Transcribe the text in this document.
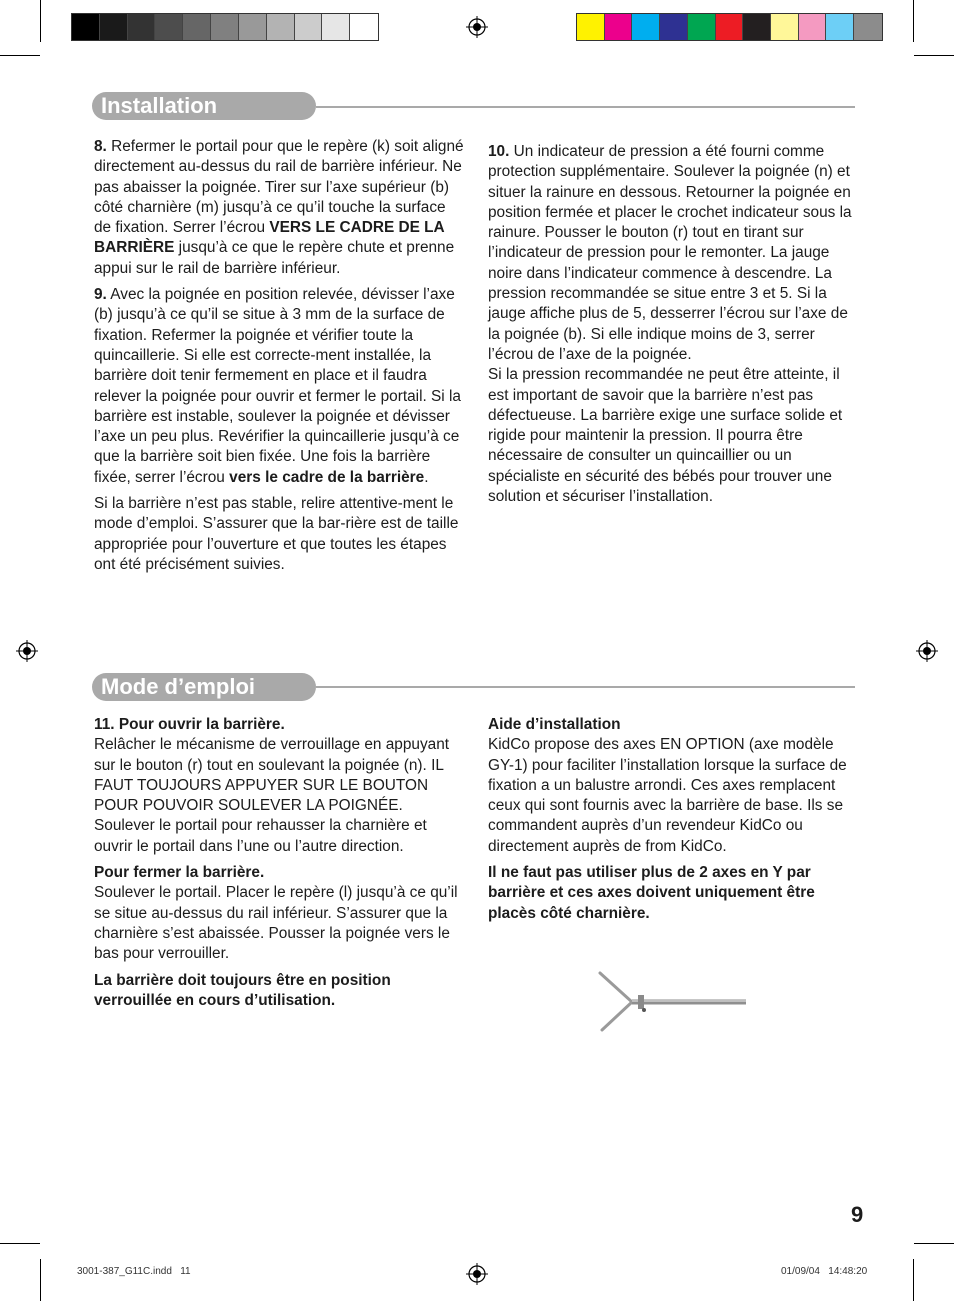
Installation

8. Refermer le portail pour que le repère (k) soit aligné directement au-dessus du rail de barrière inférieur. Ne pas abaisser la poignée. Tirer sur l’axe supérieur (b) côté charnière (m) jusqu’à ce qu’il touche la surface de fixation. Serrer l’écrou VERS LE CADRE DE LA BARRIÈRE jusqu’à ce que le repère chute et prenne appui sur le rail de barrière inférieur.

9. Avec la poignée en position relevée, dévisser l’axe (b) jusqu’à ce qu’il se situe à 3 mm de la surface de fixation. Refermer la poignée et vérifier toute la quincaillerie. Si elle est correcte-ment installée, la barrière doit tenir fermement en place et il faudra relever la poignée pour ouvrir et fermer le portail. Si la barrière est instable, soulever la poignée et dévisser l’axe un peu plus. Revérifier la quincaillerie jusqu’à ce que la barrière soit bien fixée. Une fois la barrière fixée, serrer l’écrou vers le cadre de la barrière.

Si la barrière n’est pas stable, relire attentive-ment le mode d’emploi. S’assurer que la bar-rière est de taille appropriée pour l’ouverture et que toutes les étapes ont été précisément suivies.

10. Un indicateur de pression a été fourni comme protection supplémentaire. Soulever la poignée (n) et situer la rainure en dessous. Retourner la poignée en position fermée et placer le crochet indicateur sous la rainure. Pousser le bouton (r) tout en tirant sur l’indicateur de pression pour le remonter. La jauge noire dans l’indicateur commence à descendre. La pression recommandée se situe entre 3 et 5. Si la jauge affiche plus de 5, desserrer l’écrou sur l’axe de la poignée (b). Si elle indique moins de 3, serrer l’écrou de l’axe de la poignée.

Si la pression recommandée ne peut être atteinte, il est important de savoir que la barrière n’est pas défectueuse. La barrière exige une surface solide et rigide pour maintenir la pression. Il pourra être nécessaire de consulter un quincaillier ou un spécialiste en sécurité des bébés pour trouver une solution et sécuriser l’installation.

Mode d’emploi

11. Pour ouvrir la barrière.
Relâcher le mécanisme de verrouillage en appuyant sur le bouton (r) tout en soulevant la poignée (n). IL FAUT TOUJOURS APPUYER SUR LE BOUTON POUR POUVOIR SOULEVER LA POIGNÉE. Soulever le portail pour rehausser la charnière et ouvrir le portail dans l’une ou l’autre direction.

Pour fermer la barrière.
Soulever le portail. Placer le repère (l) jusqu’à ce qu’il se situe au-dessus du rail inférieur. S’assurer que la charnière s’est abaissée. Pousser la poignée vers le bas pour verrouiller.

La barrière doit toujours être en position verrouillée en cours d’utilisation.

Aide d’installation
KidCo propose des axes EN OPTION (axe modèle GY-1) pour faciliter l’installation lorsque la surface de fixation a un balustre arrondi. Ces axes remplacent ceux qui sont fournis avec la barrière de base. Ils se commandent auprès d’un revendeur KidCo ou directement auprès de from KidCo.

Il ne faut pas utiliser plus de 2 axes en Y par barrière et ces axes doivent uniquement être placès côté charnière.

9
3001-387_G11C.indd   11	01/09/04   14:48:20
